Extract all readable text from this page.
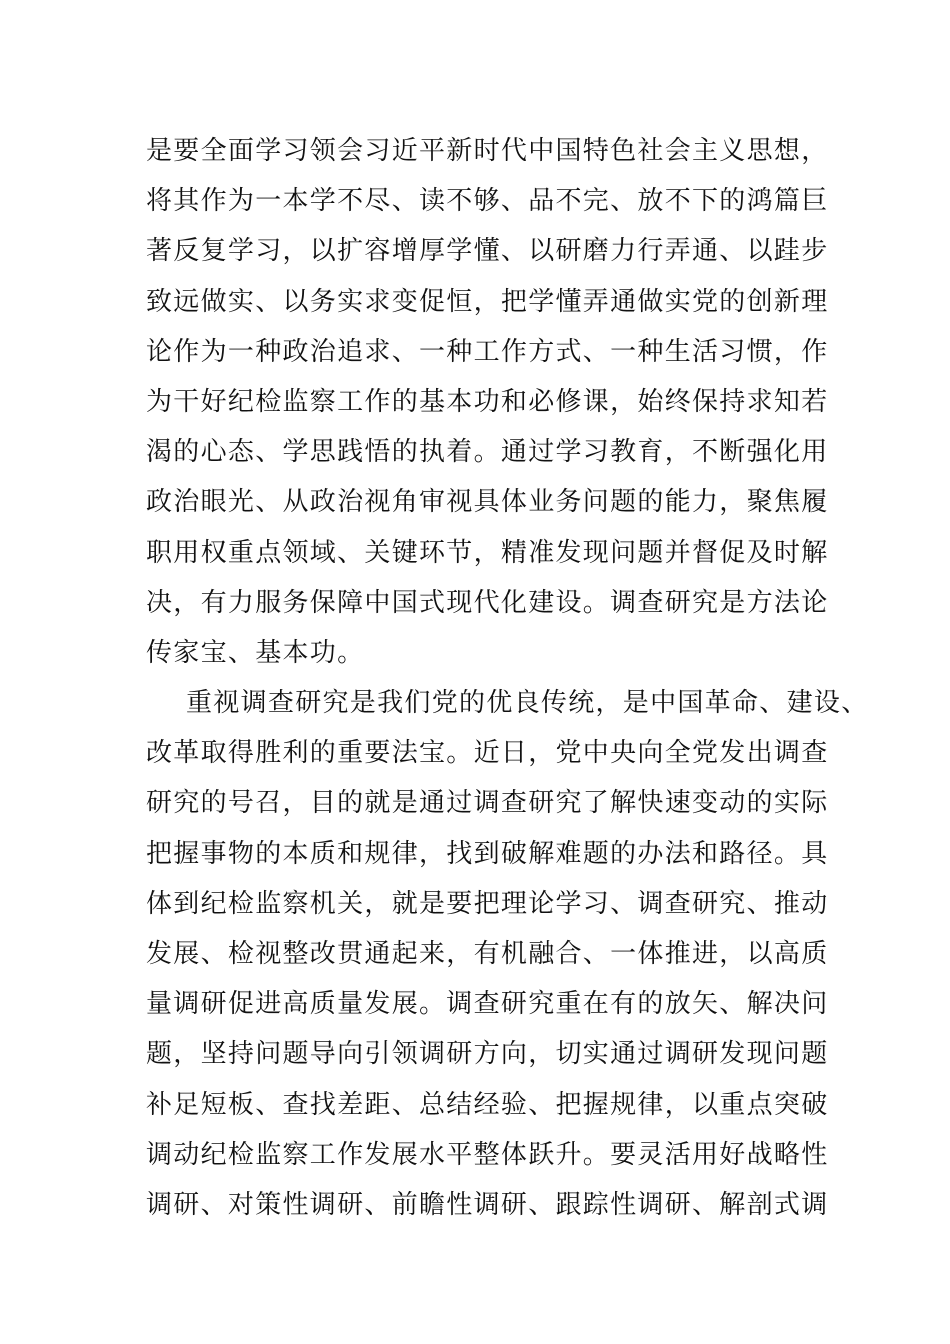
是要全面学习领会习近平新时代中国特色社会主义思想，
将其作为一本学不尽、读不够、品不完、放不下的鸿篇巨
著反复学习，以扩容增厚学懂、以研磨力行弄通、以跬步
致远做实、以务实求变促恒，把学懂弄通做实党的创新理
论作为一种政治追求、一种工作方式、一种生活习惯，作
为干好纪检监察工作的基本功和必修课，始终保持求知若
渴的心态、学思践悟的执着。通过学习教育，不断强化用
政治眼光、从政治视角审视具体业务问题的能力，聚焦履
职用权重点领域、关键环节，精准发现问题并督促及时解
决，有力服务保障中国式现代化建设。调查研究是方法论
传家宝、基本功。
重视调查研究是我们党的优良传统，是中国革命、建设、
改革取得胜利的重要法宝。近日，党中央向全党发出调查
研究的号召，目的就是通过调查研究了解快速变动的实际
把握事物的本质和规律，找到破解难题的办法和路径。具
体到纪检监察机关，就是要把理论学习、调查研究、推动
发展、检视整改贯通起来，有机融合、一体推进，以高质
量调研促进高质量发展。调查研究重在有的放矢、解决问
题，坚持问题导向引领调研方向，切实通过调研发现问题
补足短板、查找差距、总结经验、把握规律，以重点突破
调动纪检监察工作发展水平整体跃升。要灵活用好战略性
调研、对策性调研、前瞻性调研、跟踪性调研、解剖式调
